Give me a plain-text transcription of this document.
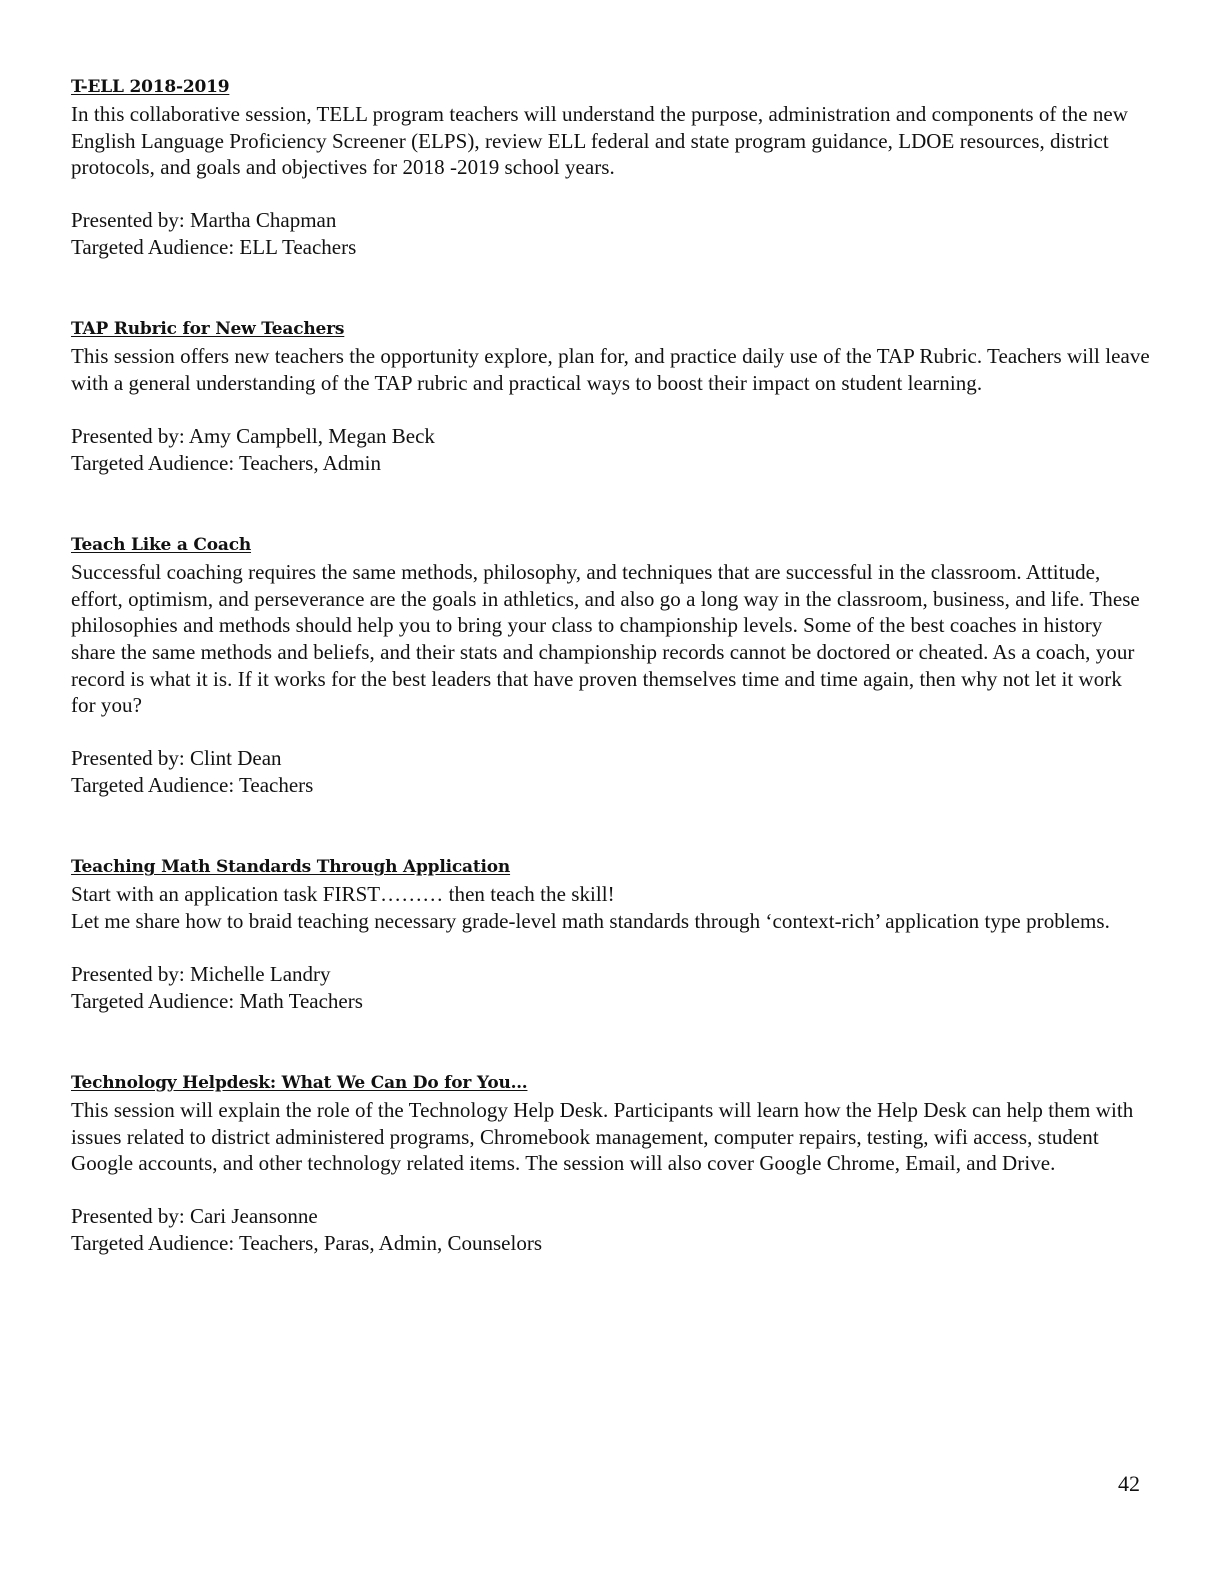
T-ELL 2018-2019

In this collaborative session, TELL program teachers will understand the purpose, administration and components of the new English Language Proficiency Screener (ELPS), review ELL federal and state program guidance, LDOE resources, district protocols, and goals and objectives for 2018 -2019 school years.

Presented by: Martha Chapman

Targeted Audience: ELL Teachers

TAP Rubric for New Teachers

This session offers new teachers the opportunity explore, plan for, and practice daily use of the TAP Rubric. Teachers will leave with a general understanding of the TAP rubric and practical ways to boost their impact on student learning.

Presented by: Amy Campbell, Megan Beck

Targeted Audience: Teachers, Admin

Teach Like a Coach

Successful coaching requires the same methods, philosophy, and techniques that are successful in the classroom. Attitude, effort, optimism, and perseverance are the goals in athletics, and also go a long way in the classroom, business, and life. These philosophies and methods should help you to bring your class to championship levels. Some of the best coaches in history share the same methods and beliefs, and their stats and championship records cannot be doctored or cheated. As a coach, your record is what it is. If it works for the best leaders that have proven themselves time and time again, then why not let it work for you?

Presented by: Clint Dean

Targeted Audience: Teachers

Teaching Math Standards Through Application

Start with an application task FIRST……… then teach the skill!

Let me share how to braid teaching necessary grade-level math standards through ‘context-rich’ application type problems.

Presented by: Michelle Landry

Targeted Audience: Math Teachers

Technology Helpdesk: What We Can Do for You…

This session will explain the role of the Technology Help Desk. Participants will learn how the Help Desk can help them with issues related to district administered programs, Chromebook management, computer repairs, testing, wifi access, student Google accounts, and other technology related items. The session will also cover Google Chrome, Email, and Drive.

Presented by: Cari Jeansonne

Targeted Audience: Teachers, Paras, Admin, Counselors

42
